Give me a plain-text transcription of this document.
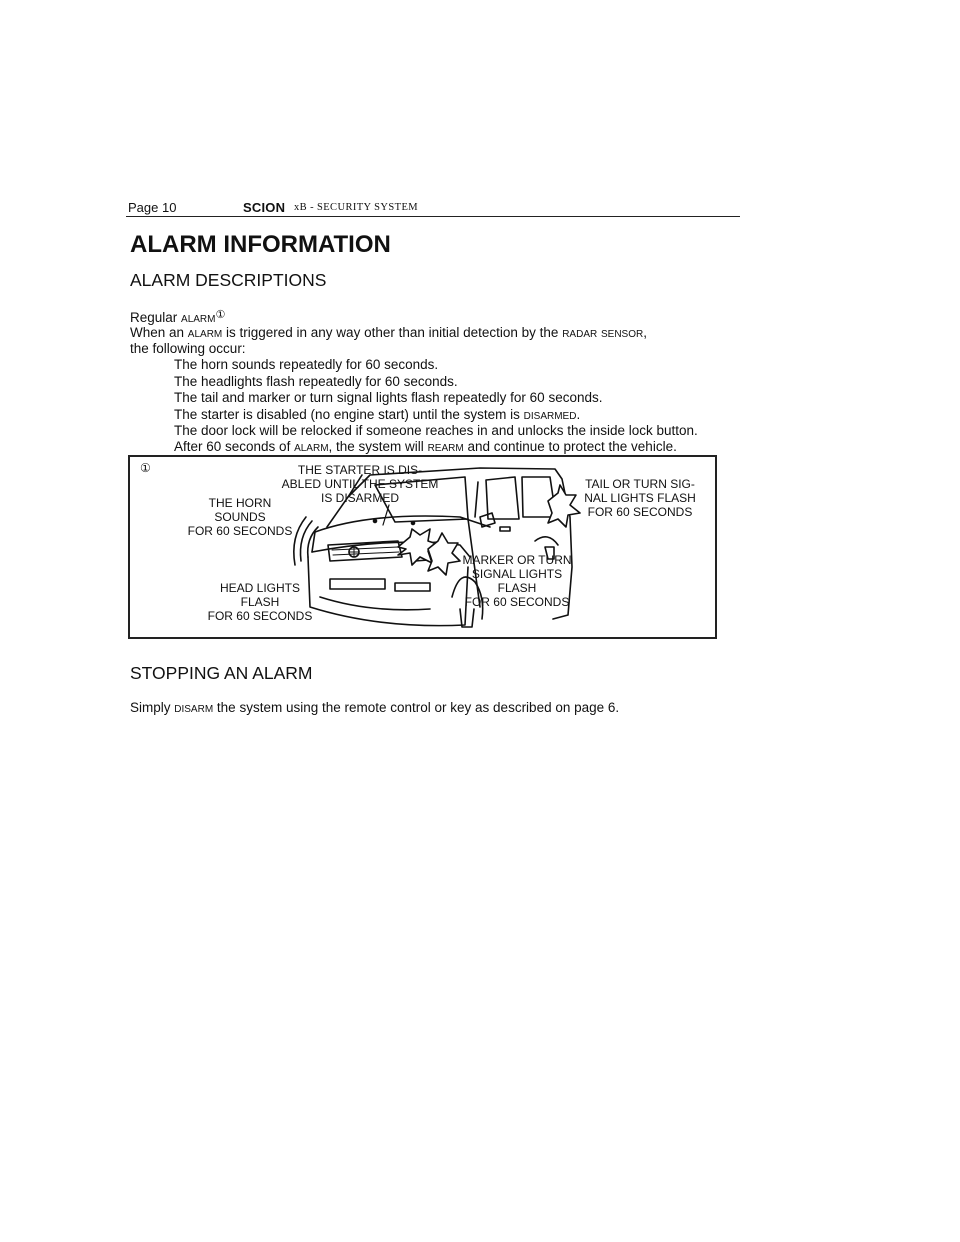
Page 10	SCION xB - SECURITY SYSTEM
ALARM INFORMATION
ALARM DESCRIPTIONS
Regular ALARM①
When an ALARM is triggered in any way other than initial detection by the RADAR SENSOR,
the following occur:
The horn sounds repeatedly for 60 seconds.
The headlights flash repeatedly for 60 seconds.
The tail and marker or turn signal lights flash repeatedly for 60 seconds.
The starter is disabled (no engine start) until the system is DISARMED.
The door lock will be relocked if someone reaches in and unlocks the inside lock button.
After 60 seconds of ALARM, the system will REARM and continue to protect the vehicle.
①	THE STARTER IS DIS-
ABLED UNTIL THE SYSTEM
IS DISARMED
THE HORN
SOUNDS
FOR 60 SECONDS
TAIL OR TURN SIG-
NAL LIGHTS FLASH
FOR 60 SECONDS
MARKER OR TURN
SIGNAL LIGHTS
FLASH
FOR 60 SECONDS
HEAD LIGHTS
FLASH
FOR 60 SECONDS
STOPPING AN ALARM
Simply DISARM the system using the remote control or key as described on page 6.
